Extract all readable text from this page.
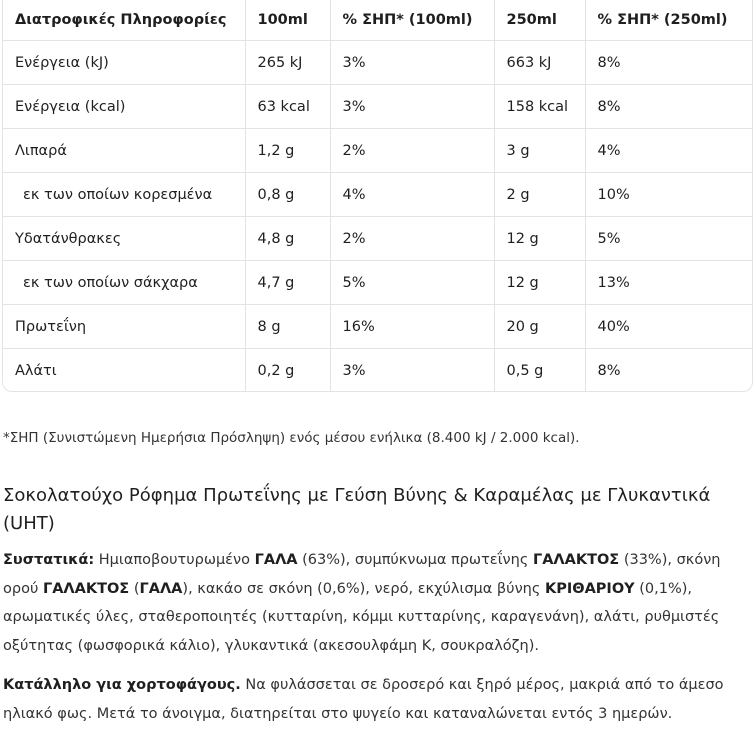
Διατροφικές Πληροφορίες	100ml	% ΣΗΠ* (100ml)	250ml	% ΣΗΠ* (250ml)
Ενέργεια (kJ)	265 kJ	3%	663 kJ	8%
Ενέργεια (kcal)	63 kcal	3%	158 kcal	8%
Λιπαρά	1,2 g	2%	3 g	4%
εκ των οποίων κορεσμένα	0,8 g	4%	2 g	10%
Υδατάνθρακες	4,8 g	2%	12 g	5%
εκ των οποίων σάκχαρα	4,7 g	5%	12 g	13%
Πρωτεΐνη	8 g	16%	20 g	40%
Αλάτι	0,2 g	3%	0,5 g	8%
*ΣΗΠ (Συνιστώμενη Ημερήσια Πρόσληψη) ενός μέσου ενήλικα (8.400 kJ / 2.000 kcal).
Σοκολατούχο Ρόφημα Πρωτεΐνης με Γεύση Βύνης & Καραμέλας με Γλυκαντικά (UHT)
Συστατικά: Ημιαποβουτυρωμένο ΓΑΛΑ (63%), συμπύκνωμα πρωτεΐνης ΓΑΛΑΚΤΟΣ (33%), σκόνη ορού ΓΑΛΑΚΤΟΣ (ΓΑΛΑ), κακάο σε σκόνη (0,6%), νερό, εκχύλισμα βύνης ΚΡΙΘΑΡΙΟΥ (0,1%), αρωματικές ύλες, σταθεροποιητές (κυτταρίνη, κόμμι κυτταρίνης, καραγενάνη), αλάτι, ρυθμιστές οξύτητας (φωσφορικά κάλιο), γλυκαντικά (ακεσουλφάμη Κ, σουκραλόζη).
Κατάλληλο για χορτοφάγους. Να φυλάσσεται σε δροσερό και ξηρό μέρος, μακριά από το άμεσο ηλιακό φως. Μετά το άνοιγμα, διατηρείται στο ψυγείο και καταναλώνεται εντός 3 ημερών.
